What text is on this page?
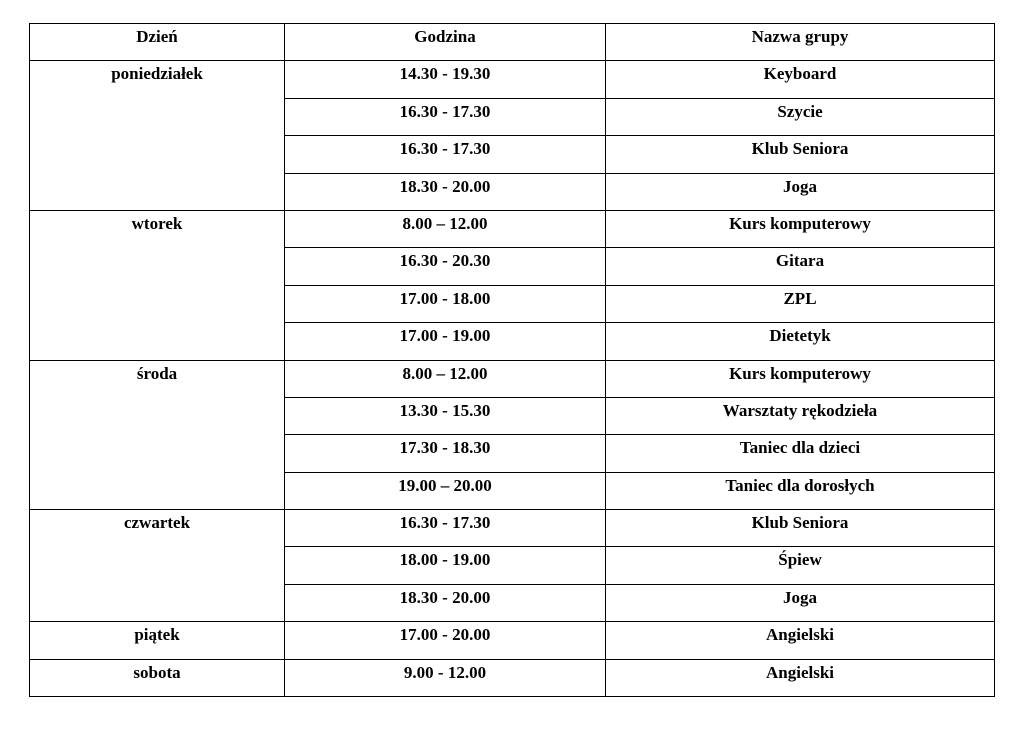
Dzień	Godzina	Nazwa grupy

poniedziałek	14.30 - 19.30	Keyboard

	16.30 - 17.30	Szycie

	16.30 - 17.30	Klub Seniora

	18.30 - 20.00	Joga

wtorek	8.00 – 12.00	Kurs komputerowy

	16.30 - 20.30	Gitara

	17.00 - 18.00	ZPL

	17.00 - 19.00	Dietetyk

środa	8.00 – 12.00	Kurs komputerowy

	13.30 - 15.30	Warsztaty rękodzieła

	17.30 - 18.30	Taniec dla dzieci

	19.00 – 20.00	Taniec dla dorosłych

czwartek	16.30 - 17.30	Klub Seniora

	18.00 - 19.00	Śpiew

	18.30 - 20.00	Joga

piątek	17.00 - 20.00	Angielski

sobota	9.00 - 12.00	Angielski
